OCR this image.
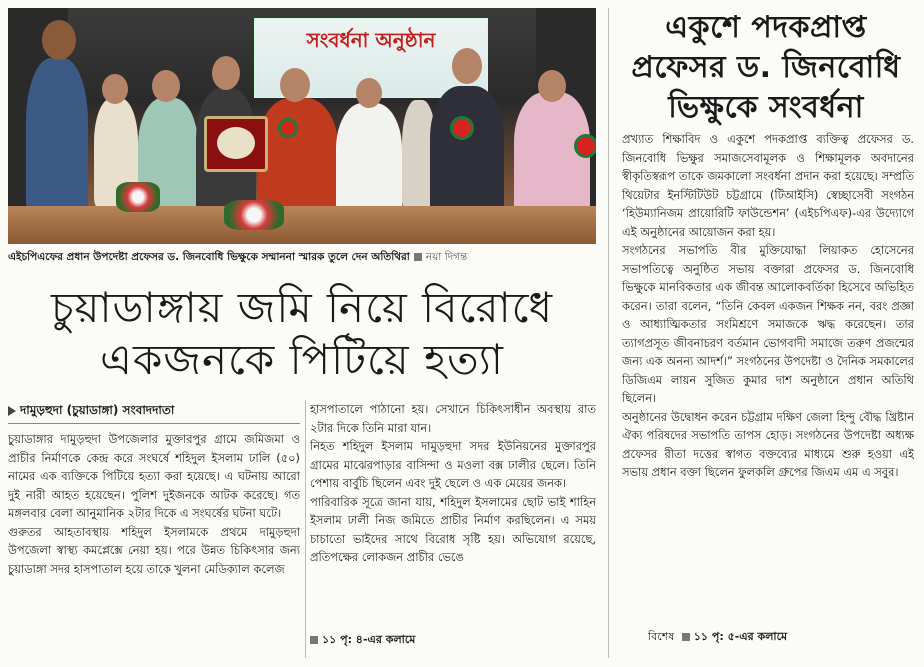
সংবর্ধনা অনুষ্ঠান
এইচপিএফের প্রধান উপদেষ্টা প্রফেসর ড. জিনবোধি ভিক্ষুকে সম্মাননা স্মারক তুলে দেন অতিথিরা নয়া দিগন্ত
চুয়াডাঙ্গায় জমি নিয়ে বিরোধে
একজনকে পিটিয়ে হত্যা
দামুড়হুদা (চুয়াডাঙ্গা) সংবাদদাতা
চুয়াডাঙ্গার দামুড়হুদা উপজেলার মুক্তারপুর গ্রামে জমিজমা ও প্রাচীর নির্মাণকে কেন্দ্র করে সংঘর্ষে শহিদুল ইসলাম ঢালি (৫০) নামের এক ব্যক্তিকে পিটিয়ে হত্যা করা হয়েছে। এ ঘটনায় আরো দুই নারী আহত হয়েছেন। পুলিশ দুইজনকে আটক করেছে। গত মঙ্গলবার বেলা আনুমানিক ২টার দিকে এ সংঘর্ষের ঘটনা ঘটে।
গুরুতর আহতাবস্থায় শহিদুল ইসলামকে প্রথমে দামুড়হুদা উপজেলা স্বাস্থ্য কমপ্লেক্সে নেয়া হয়। পরে উন্নত চিকিৎসার জন্য চুয়াডাঙ্গা সদর হাসপাতাল হয়ে তাকে খুলনা মেডিক্যাল কলেজ
হাসপাতালে পাঠানো হয়। সেখানে চিকিৎসাধীন অবস্থায় রাত ২টার দিকে তিনি মারা যান।
নিহত শহিদুল ইসলাম দামুড়হুদা সদর ইউনিয়নের মুক্তারপুর গ্রামের মাঝেরপাড়ার বাসিন্দা ও মওলা বক্স ঢালীর ছেলে। তিনি পেশায় বার্বুচি ছিলেন এবং দুই ছেলে ও এক মেয়ের জনক।
পারিবারিক সূত্রে জানা যায়, শহিদুল ইসলামের ছোট ভাই শাহিন ইসলাম ঢালী নিজ জমিতে প্রাচীর নির্মাণ করছিলেন। এ সময় চাচাতো ভাইদের সাথে বিরোধ সৃষ্টি হয়। অভিযোগ রয়েছে, প্রতিপক্ষের লোকজন প্রাচীর ভেঙে
১১ পৃ: ৪-এর কলামে
একুশে পদকপ্রাপ্ত প্রফেসর ড. জিনবোধি ভিক্ষুকে সংবর্ধনা
প্রখ্যাত শিক্ষাবিদ ও একুশে পদকপ্রাপ্ত ব্যক্তিত্ব প্রফেসর ড. জিনবোধি ভিক্ষুর সমাজসেবামূলক ও শিক্ষামূলক অবদানের স্বীকৃতিস্বরূপ তাকে জমকালো সংবর্ধনা প্রদান করা হয়েছে। সম্প্রতি থিয়েটার ইনস্টিটিউট চট্টগ্রামে (টিআইসি) স্বেচ্ছাসেবী সংগঠন ‘হিউম্যানিজম প্রায়োরিটি ফাউন্ডেশন’ (এইচপিএফ)-এর উদ্যোগে এই অনুষ্ঠানের আয়োজন করা হয়।
সংগঠনের সভাপতি বীর মুক্তিযোদ্ধা লিয়াকত হোসেনের সভাপতিত্বে অনুষ্ঠিত সভায় বক্তারা প্রফেসর ড. জিনবোধি ভিক্ষুকে মানবিকতার এক জীবন্ত আলোকবর্তিকা হিসেবে অভিহিত করেন। তারা বলেন, “তিনি কেবল একজন শিক্ষক নন, বরং প্রজ্ঞা ও আধ্যাত্মিকতার সংমিশ্রণে সমাজকে ঋদ্ধ করেছেন। তার ত্যাগপ্রসূত জীবনাচরণ বর্তমান ভোগবাদী সমাজে তরুণ প্রজন্মের জন্য এক অনন্য আদর্শ।” সংগঠনের উপদেষ্টা ও দৈনিক সমকালের ডিজিএম লায়ন সুজিত কুমার দাশ অনুষ্ঠানে প্রধান অতিথি ছিলেন।
অনুষ্ঠানের উদ্বোধন করেন চট্টগ্রাম দক্ষিণ জেলা হিন্দু বৌদ্ধ খ্রিষ্টান ঐক্য পরিষদের সভাপতি তাপস হোড়। সংগঠনের উপদেষ্টা অধ্যক্ষ প্রফেসর রীতা দত্তের স্বাগত বক্তব্যের মাধ্যমে শুরু হওয়া এই সভায় প্রধান বক্তা ছিলেন ফুলকলি গ্রুপের জিএম এম এ সবুর।
বিশেষ ১১ পৃ: ৫-এর কলামে
